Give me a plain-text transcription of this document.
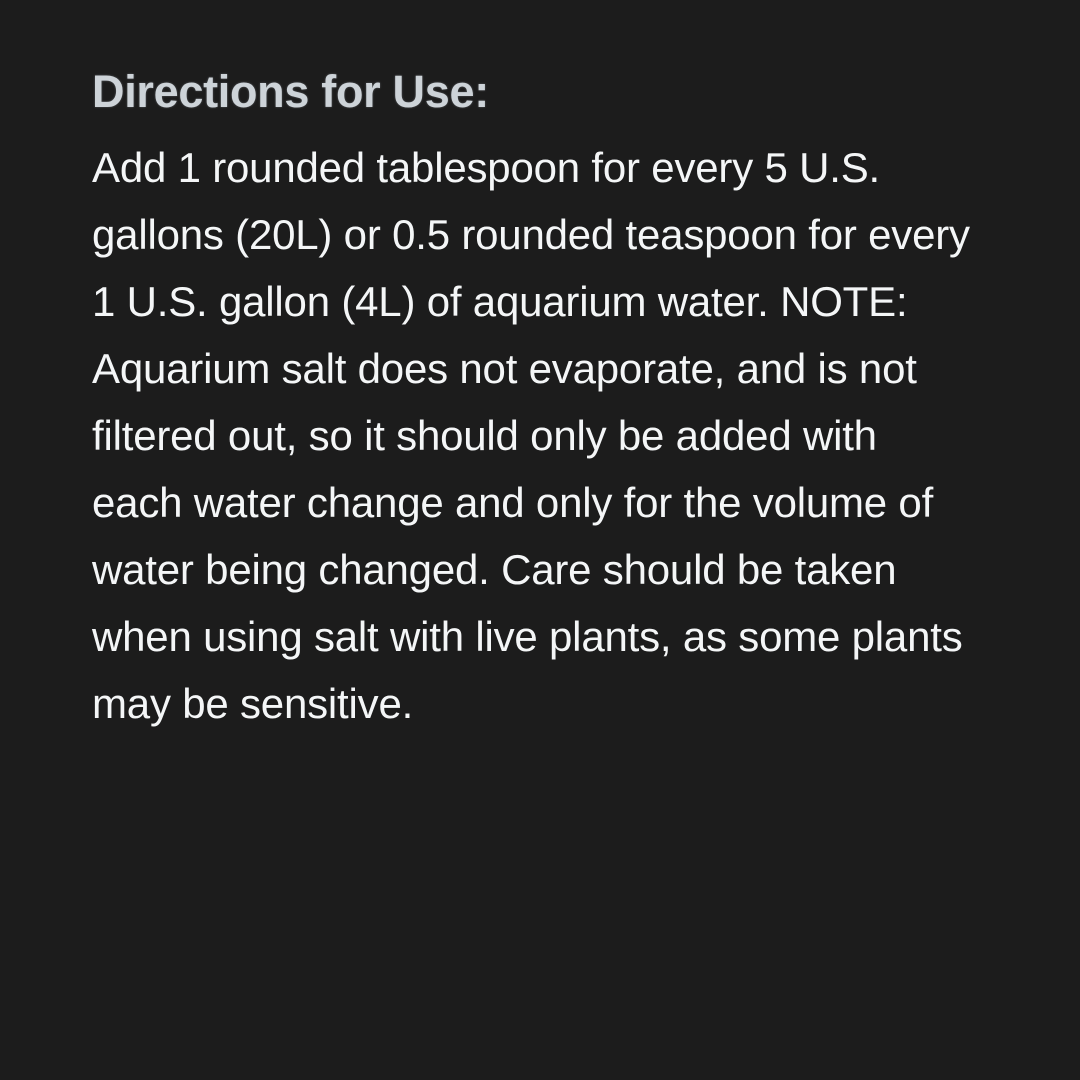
Directions for Use:

Add 1 rounded tablespoon for every 5 U.S. gallons (20L) or 0.5 rounded teaspoon for every 1 U.S. gallon (4L) of aquarium water. NOTE: Aquarium salt does not evaporate, and is not filtered out, so it should only be added with each water change and only for the volume of water being changed. Care should be taken when using salt with live plants, as some plants may be sensitive.
